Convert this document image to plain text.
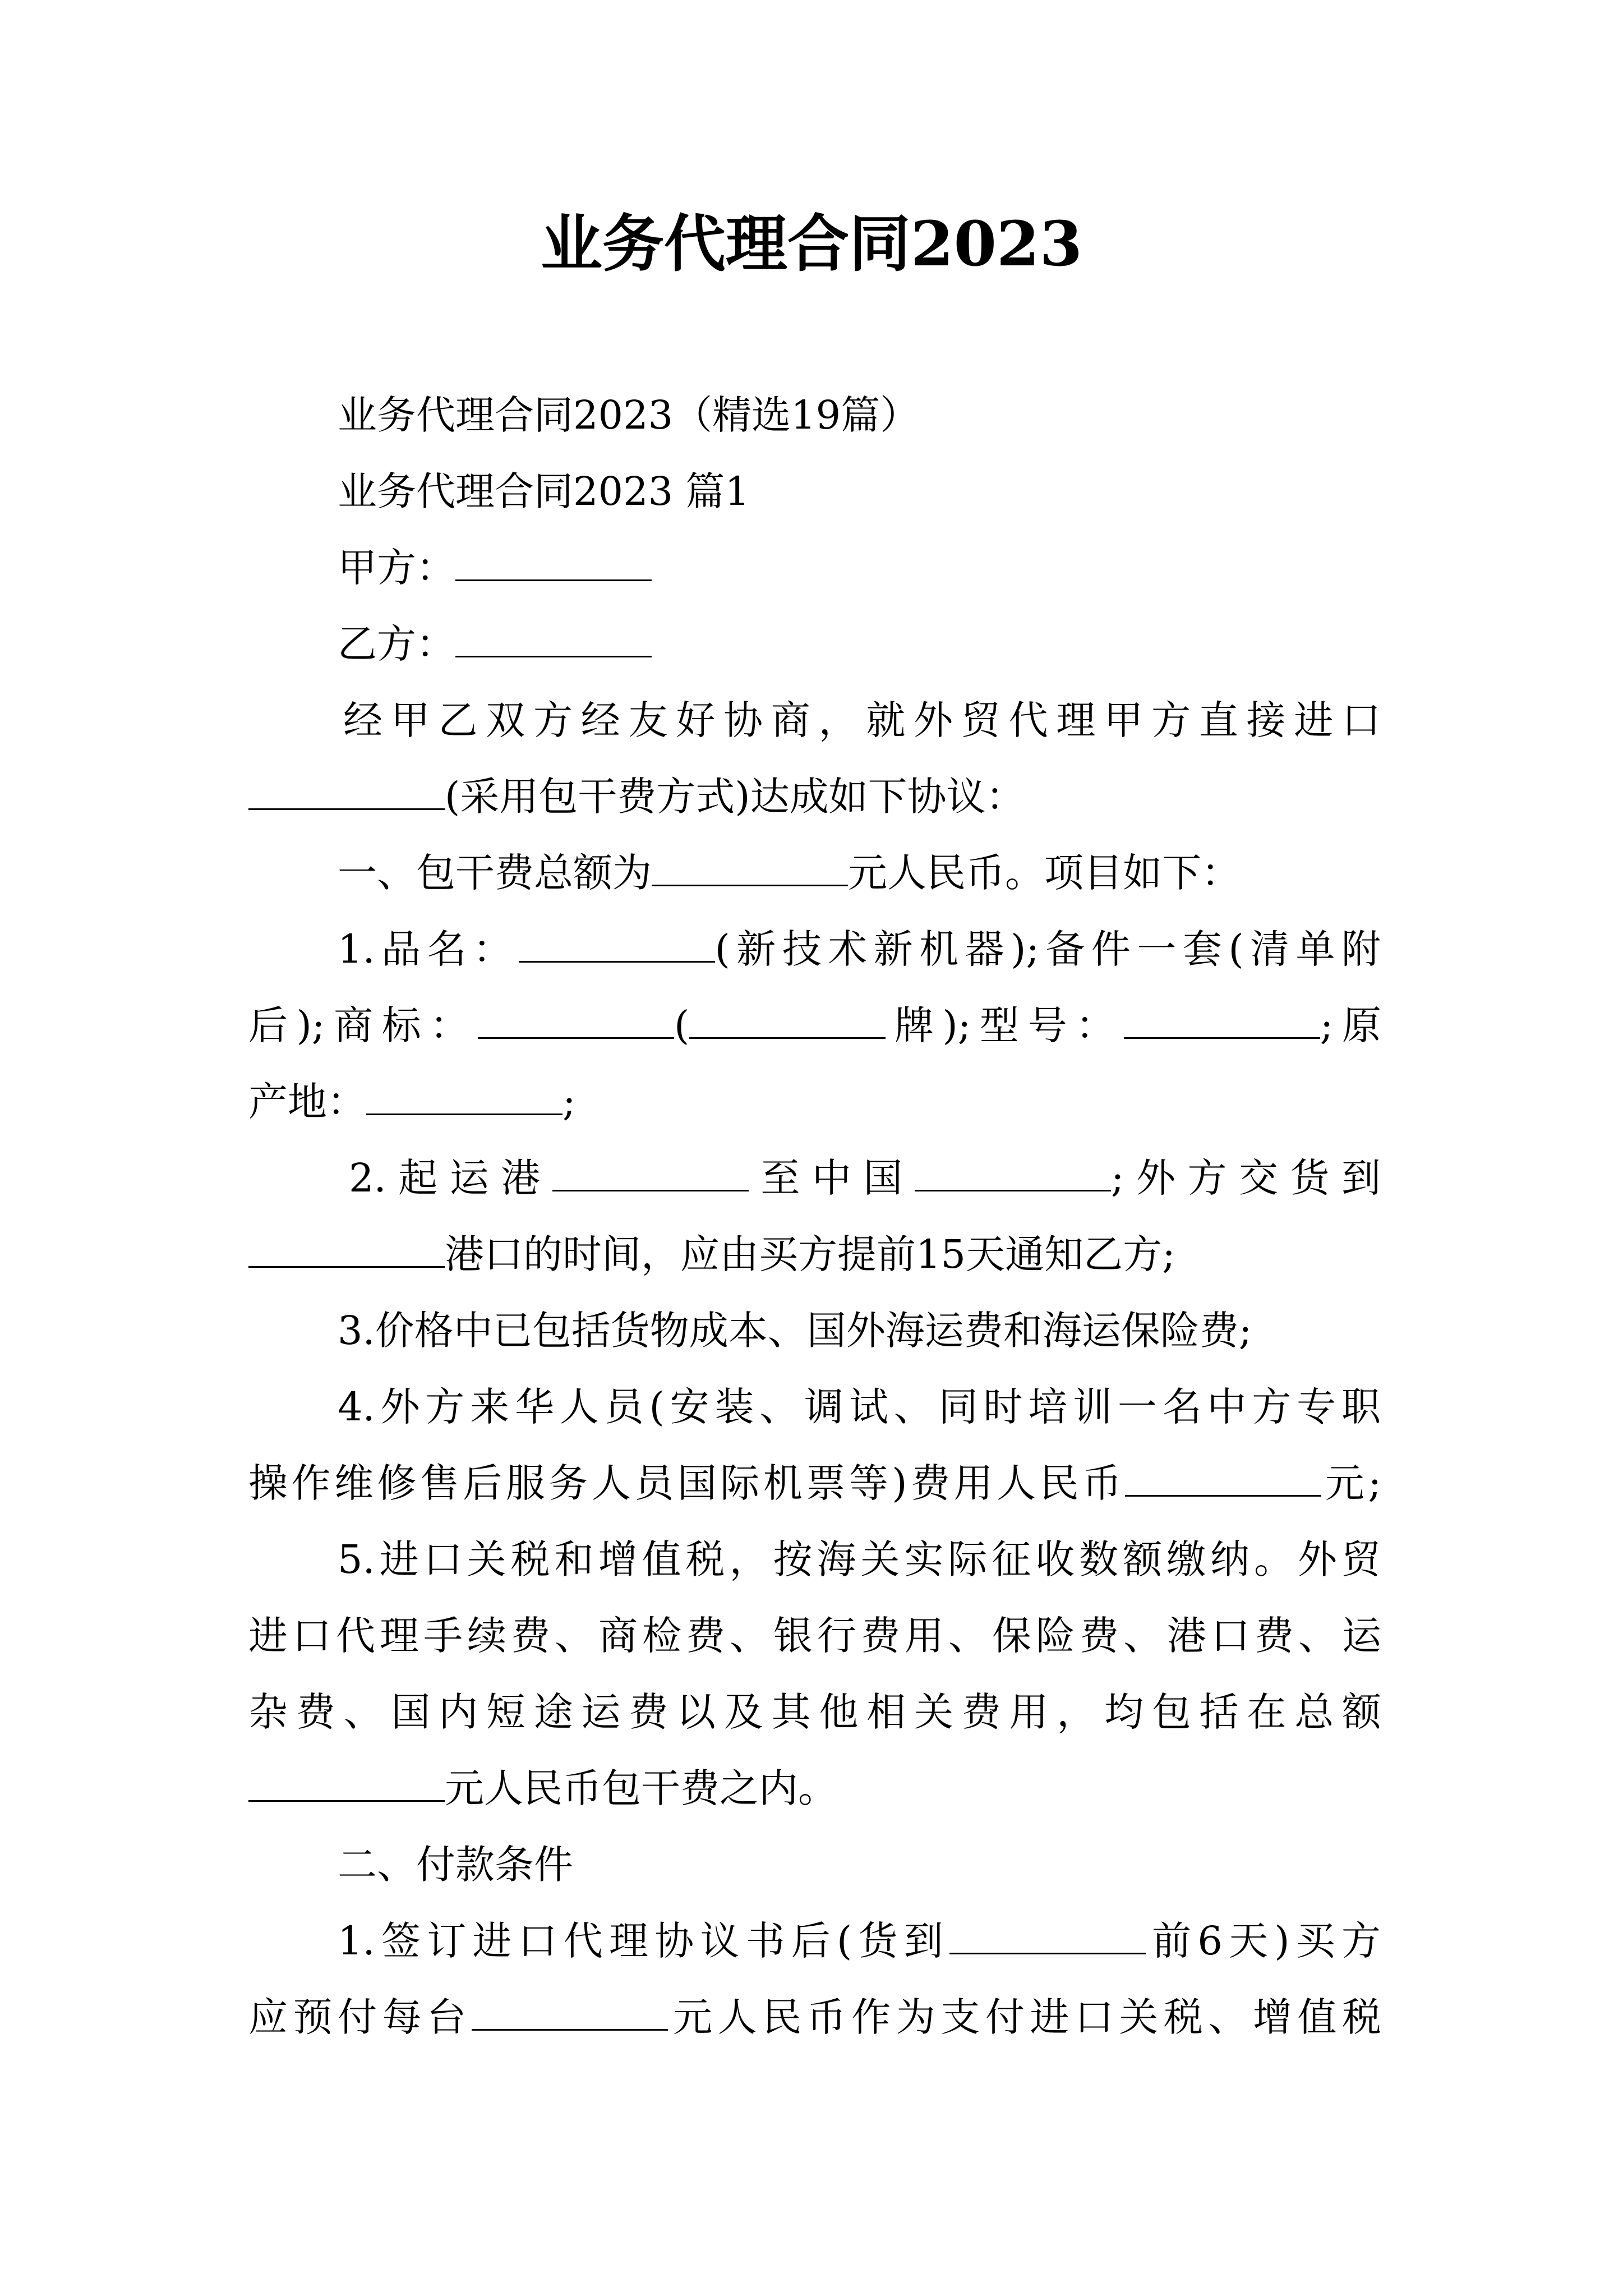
业务代理合同2023
业务代理合同2023（精选19篇）
业务代理合同2023 篇1
甲方：
乙方：
经甲乙双方经友好协商，就外贸代理甲方直接进口
(采用包干费方式)达成如下协议：
一、包干费总额为	元人民币。项目如下：
1.品名：	(新技术新机器);备件一套(清单附
后);商标：	(	牌);型号：	;原
产地：	;
2.起运港	至中国	;外方交货到
港口的时间，应由买方提前15天通知乙方;
3.价格中已包括货物成本、国外海运费和海运保险费;
4.外方来华人员(安装、调试、同时培训一名中方专职
操作维修售后服务人员国际机票等)费用人民币	元;
5.进口关税和增值税，按海关实际征收数额缴纳。外贸
进口代理手续费、商检费、银行费用、保险费、港口费、运
杂费、国内短途运费以及其他相关费用，均包括在总额
元人民币包干费之内。
二、付款条件
1.签订进口代理协议书后(货到	前6天)买方
应预付每台	元人民币作为支付进口关税、增值税
